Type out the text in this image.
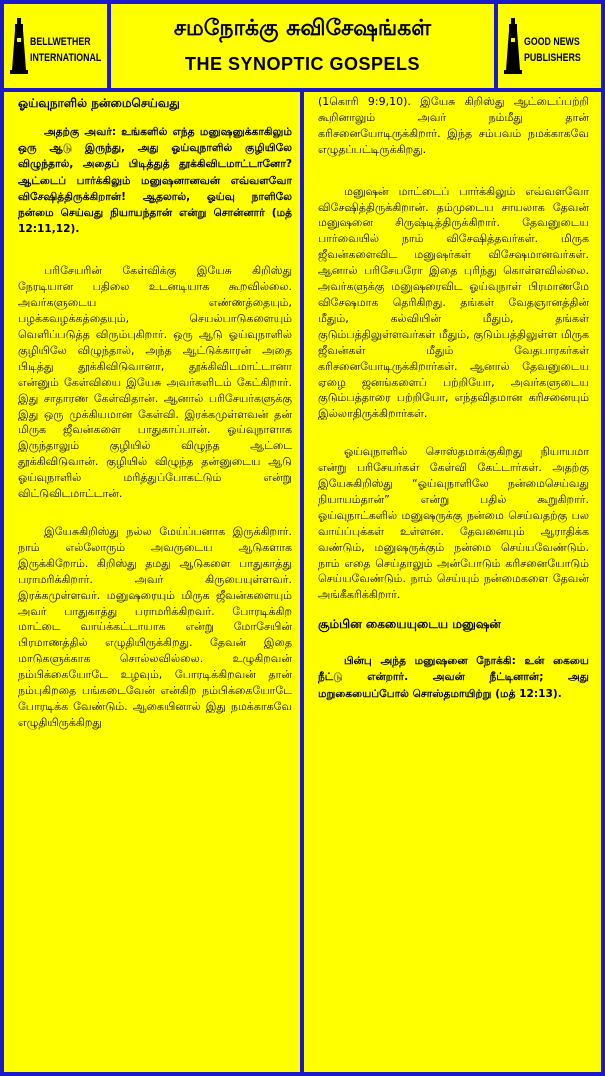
BELLWETHER
INTERNATIONAL
சமநோக்கு சுவிசேஷங்கள்
THE SYNOPTIC GOSPELS
GOOD NEWS
PUBLISHERS
ஓய்வுநாளில் நன்மைசெய்வது

அதற்கு அவர்: உங்களில் எந்த மனுஷனுக்காகிலும் ஒரு ஆடு இருந்து, அது ஓய்வுநாளில் குழியிலே விழுந்தால், அதைப் பிடித்துத் தூக்கிவிடமாட்டானோ? ஆட்டைப் பார்க்கிலும் மனுஷனானவன் எவ்வளவோ விசேஷித்திருக்கிறான்! ஆதலால், ஓய்வு நாளிலே நன்மை செய்வது நியாயந்தான் என்று சொன்னார் (மத் 12:11,12).

பரிசேயரின் கேள்விக்கு இயேசு கிறிஸ்து நேரடியான பதிலை உடனடியாக கூறவில்லை. அவர்களுடைய எண்ணத்தையும், பழக்கவழக்கத்தையும், செயல்பாடுகளையும் வெளிப்படுத்த விரும்புகிறார். ஒரு ஆடு ஓய்வுநாளில் குழியிலே விழுந்தால், அந்த ஆட்டுக்காரன் அதை பிடித்து தூக்கிவிடுவானா, தூக்கிவிடமாட்டானா என்னும் கேள்வியை இயேசு அவர்களிடம் கேட்கிறார். இது சாதாரண கேள்விதான். ஆனால் பரிசேயர்களுக்கு இது ஒரு முக்கியமான கேள்வி. இரக்கமுள்ளவன் தன் மிருக ஜீவன்களை பாதுகாப்பான். ஓய்வுநாளாக இருந்தாலும் குழியில் விழுந்த ஆட்டை தூக்கிவிடுவான். குழியில் விழுந்த தன்னுடைய ஆடு ஓய்வுநாளில் மரித்துப்போகட்டும் என்று விட்டுவிடமாட்டான்.

இயேசுகிறிஸ்து நல்ல மேய்ப்பனாக இருக்கிறார். நாம் எல்லோரும் அவருடைய ஆடுகளாக இருக்கிறோம். கிறிஸ்து தமது ஆடுகளை பாதுகாத்து பராமரிக்கிறார். அவர் கிருபையுள்ளவர். இரக்கமுள்ளவர். மனுஷரையும் மிருக ஜீவன்களையும் அவர் பாதுகாத்து பராமரிக்கிறவர். போரடிக்கிற மாட்டை வாய்க்கட்டாயாக என்று மோசேயின் பிரமாணத்தில் எழுதியிருக்கிறது. தேவன் இதை மாடுகளுக்காக சொல்லவில்லை. உழுகிறவன் நம்பிக்கையோடே உழவும், போரடிக்கிறவன் தான் நம்புகிறதை பங்கடைவேன் என்கிற நம்பிக்கையோடே போரடிக்க வேண்டும். ஆகையினால் இது நமக்காகவே எழுதியிருக்கிறது

(1கொரி 9:9,10). இயேசு கிறிஸ்து ஆட்டைப்பற்றி கூறினாலும் அவர் நம்மீது தான் கரிசனையோடிருக்கிறார். இந்த சம்பவம் நமக்காகவே எழுதப்பட்டிருக்கிறது.

மனுஷன் மாட்டைப் பார்க்கிலும் எவ்வளவோ விசேஷித்திருக்கிறான். தம்முடைய சாயலாக தேவன் மனுஷனை சிருஷ்டித்திருக்கிறார். தேவனுடைய பார்வையில் நாம் விசேஷித்தவர்கள். மிருக ஜீவன்களைவிட மனுஷர்கள் விசேஷமானவர்கள். ஆனால் பரிசேயரோ இதை புரிந்து கொள்ளவில்லை. அவர்களுக்கு மனுஷரைவிட ஓய்வுநாள் பிரமாணமே விசேஷமாக தெரிகிறது. தங்கள் வேதஞானத்தின் மீதும், கல்வியின் மீதும், தங்கள் குடும்பத்திலுள்ளவர்கள் மீதும், குடும்பத்திலுள்ள மிருக ஜீவன்கள் மீதும் வேதபாரகர்கள் கரிசனையோடிருக்கிறார்கள். ஆனால் தேவனுடைய ஏழை ஜனங்களைப் பற்றியோ, அவர்களுடைய குடும்பத்தாரை பற்றியோ, எந்தவிதமான கரிசனையும் இல்லாதிருக்கிறார்கள்.

ஓய்வுநாளில் சொஸ்தமாக்குகிறது நியாயமா என்று பரிசேயர்கள் கேள்வி கேட்டார்கள். அதற்கு இயேசுகிறிஸ்து “ஓய்வுநாளிலே நன்மைசெய்வது நியாயம்தான்” என்று பதில் கூறுகிறார். ஓய்வுநாட்களில் மனுஷருக்கு நன்மை செய்வதற்கு பல வாய்ப்புக்கள் உள்ளன. தேவனையும் ஆராதிக்க வண்டும், மனுஷருக்கும் நன்மை செய்யவேண்டும். நாம் எதை செய்தாலும் அன்போடும் கரிசனையோடும் செய்யவேண்டும். நாம் செய்யும் நன்மைகளை தேவன் அங்கீகரிக்கிறார்.

சூம்பின கையையுடைய மனுஷன்

பின்பு அந்த மனுஷனை நோக்கி: உன் கையை நீட்டு என்றார். அவன் நீட்டினான்; அது மறுகையைப்போல் சொஸ்தமாயிற்று (மத் 12:13).
